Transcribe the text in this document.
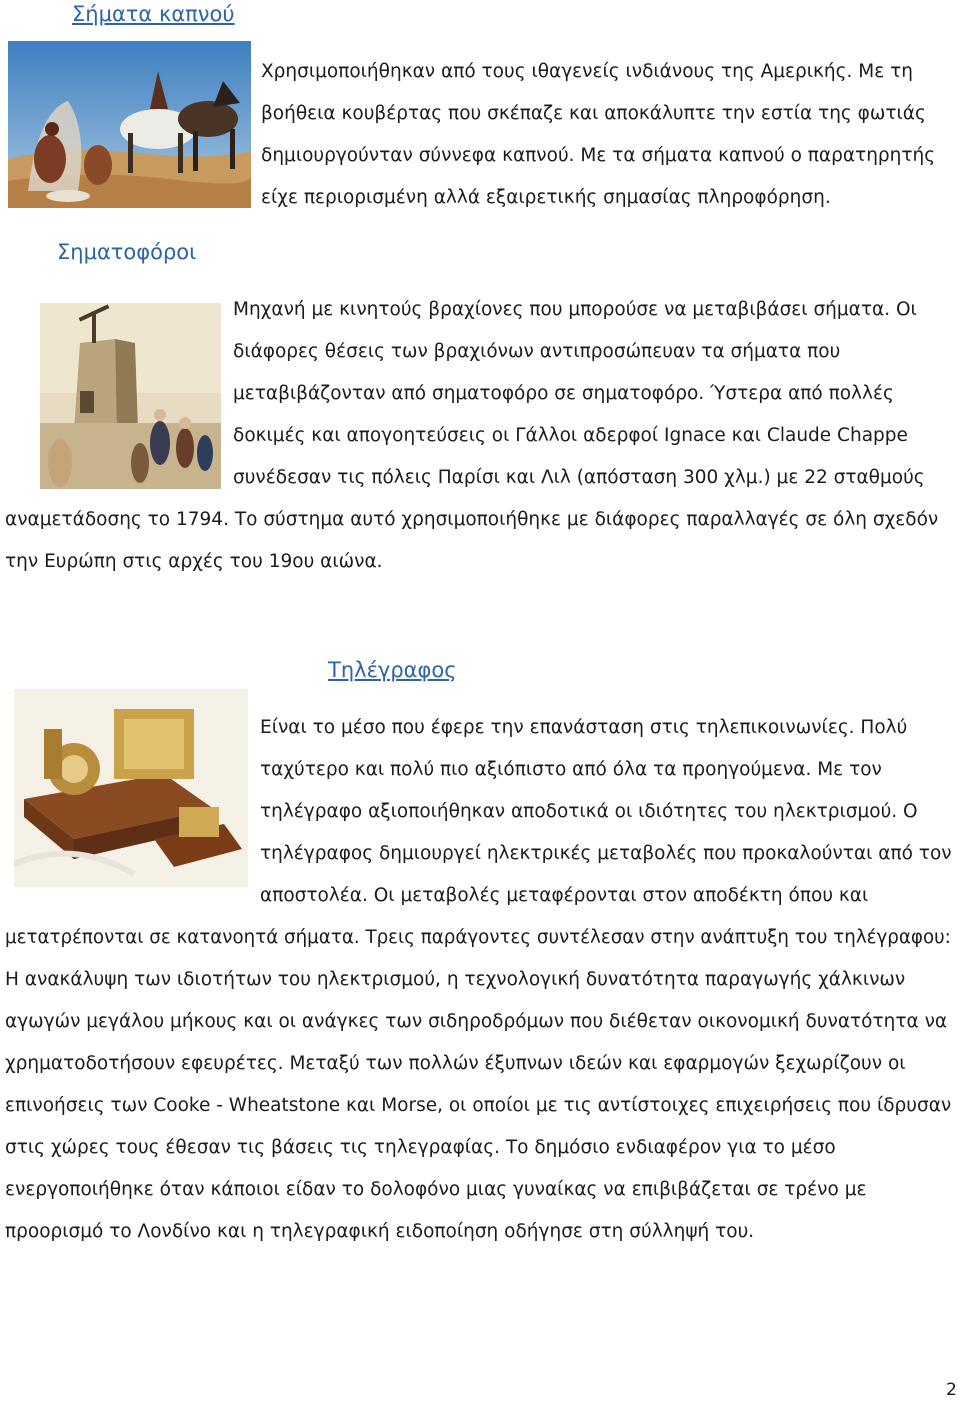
Σήματα καπνού
Χρησιμοποιήθηκαν από τους ιθαγενείς ινδιάνους της Αμερικής. Με τη
βοήθεια κουβέρτας που σκέπαζε και αποκάλυπτε την εστία της φωτιάς
δημιουργούνταν σύννεφα καπνού. Με τα σήματα καπνού ο παρατηρητής
είχε περιορισμένη αλλά εξαιρετικής σημασίας πληροφόρηση.
Σηματοφόροι
Μηχανή με κινητούς βραχίονες που μπορούσε να μεταβιβάσει σήματα. Οι
διάφορες θέσεις των βραχιόνων αντιπροσώπευαν τα σήματα που
μεταβιβάζονταν από σηματοφόρο σε σηματοφόρο. Ύστερα από πολλές
δοκιμές και απογοητεύσεις οι Γάλλοι αδερφοί Ignace και Claude Chappe
συνέδεσαν τις πόλεις Παρίσι και Λιλ (απόσταση 300 χλμ.) με 22 σταθμούς
αναμετάδοσης το 1794. Το σύστημα αυτό χρησιμοποιήθηκε με διάφορες παραλλαγές σε όλη σχεδόν
την Ευρώπη στις αρχές του 19ου αιώνα.
Τηλέγραφος
Είναι το μέσο που έφερε την επανάσταση στις τηλεπικοινωνίες. Πολύ
ταχύτερο και πολύ πιο αξιόπιστο από όλα τα προηγούμενα. Με τον
τηλέγραφο αξιοποιήθηκαν αποδοτικά οι ιδιότητες του ηλεκτρισμού. Ο
τηλέγραφος δημιουργεί ηλεκτρικές μεταβολές που προκαλούνται από τον
αποστολέα. Οι μεταβολές μεταφέρονται στον αποδέκτη όπου και
μετατρέπονται σε κατανοητά σήματα. Τρεις παράγοντες συντέλεσαν στην ανάπτυξη του τηλέγραφου:
Η ανακάλυψη των ιδιοτήτων του ηλεκτρισμού, η τεχνολογική δυνατότητα παραγωγής χάλκινων
αγωγών μεγάλου μήκους και οι ανάγκες των σιδηροδρόμων που διέθεταν οικονομική δυνατότητα να
χρηματοδοτήσουν εφευρέτες. Μεταξύ των πολλών έξυπνων ιδεών και εφαρμογών ξεχωρίζουν οι
επινοήσεις των Cooke - Wheatstone και Morse, οι οποίοι με τις αντίστοιχες επιχειρήσεις που ίδρυσαν
στις χώρες τους έθεσαν τις βάσεις τις τηλεγραφίας. Το δημόσιο ενδιαφέρον για το μέσο
ενεργοποιήθηκε όταν κάποιοι είδαν το δολοφόνο μιας γυναίκας να επιβιβάζεται σε τρένο με
προορισμό το Λονδίνο και η τηλεγραφική ειδοποίηση οδήγησε στη σύλληψή του.
2
